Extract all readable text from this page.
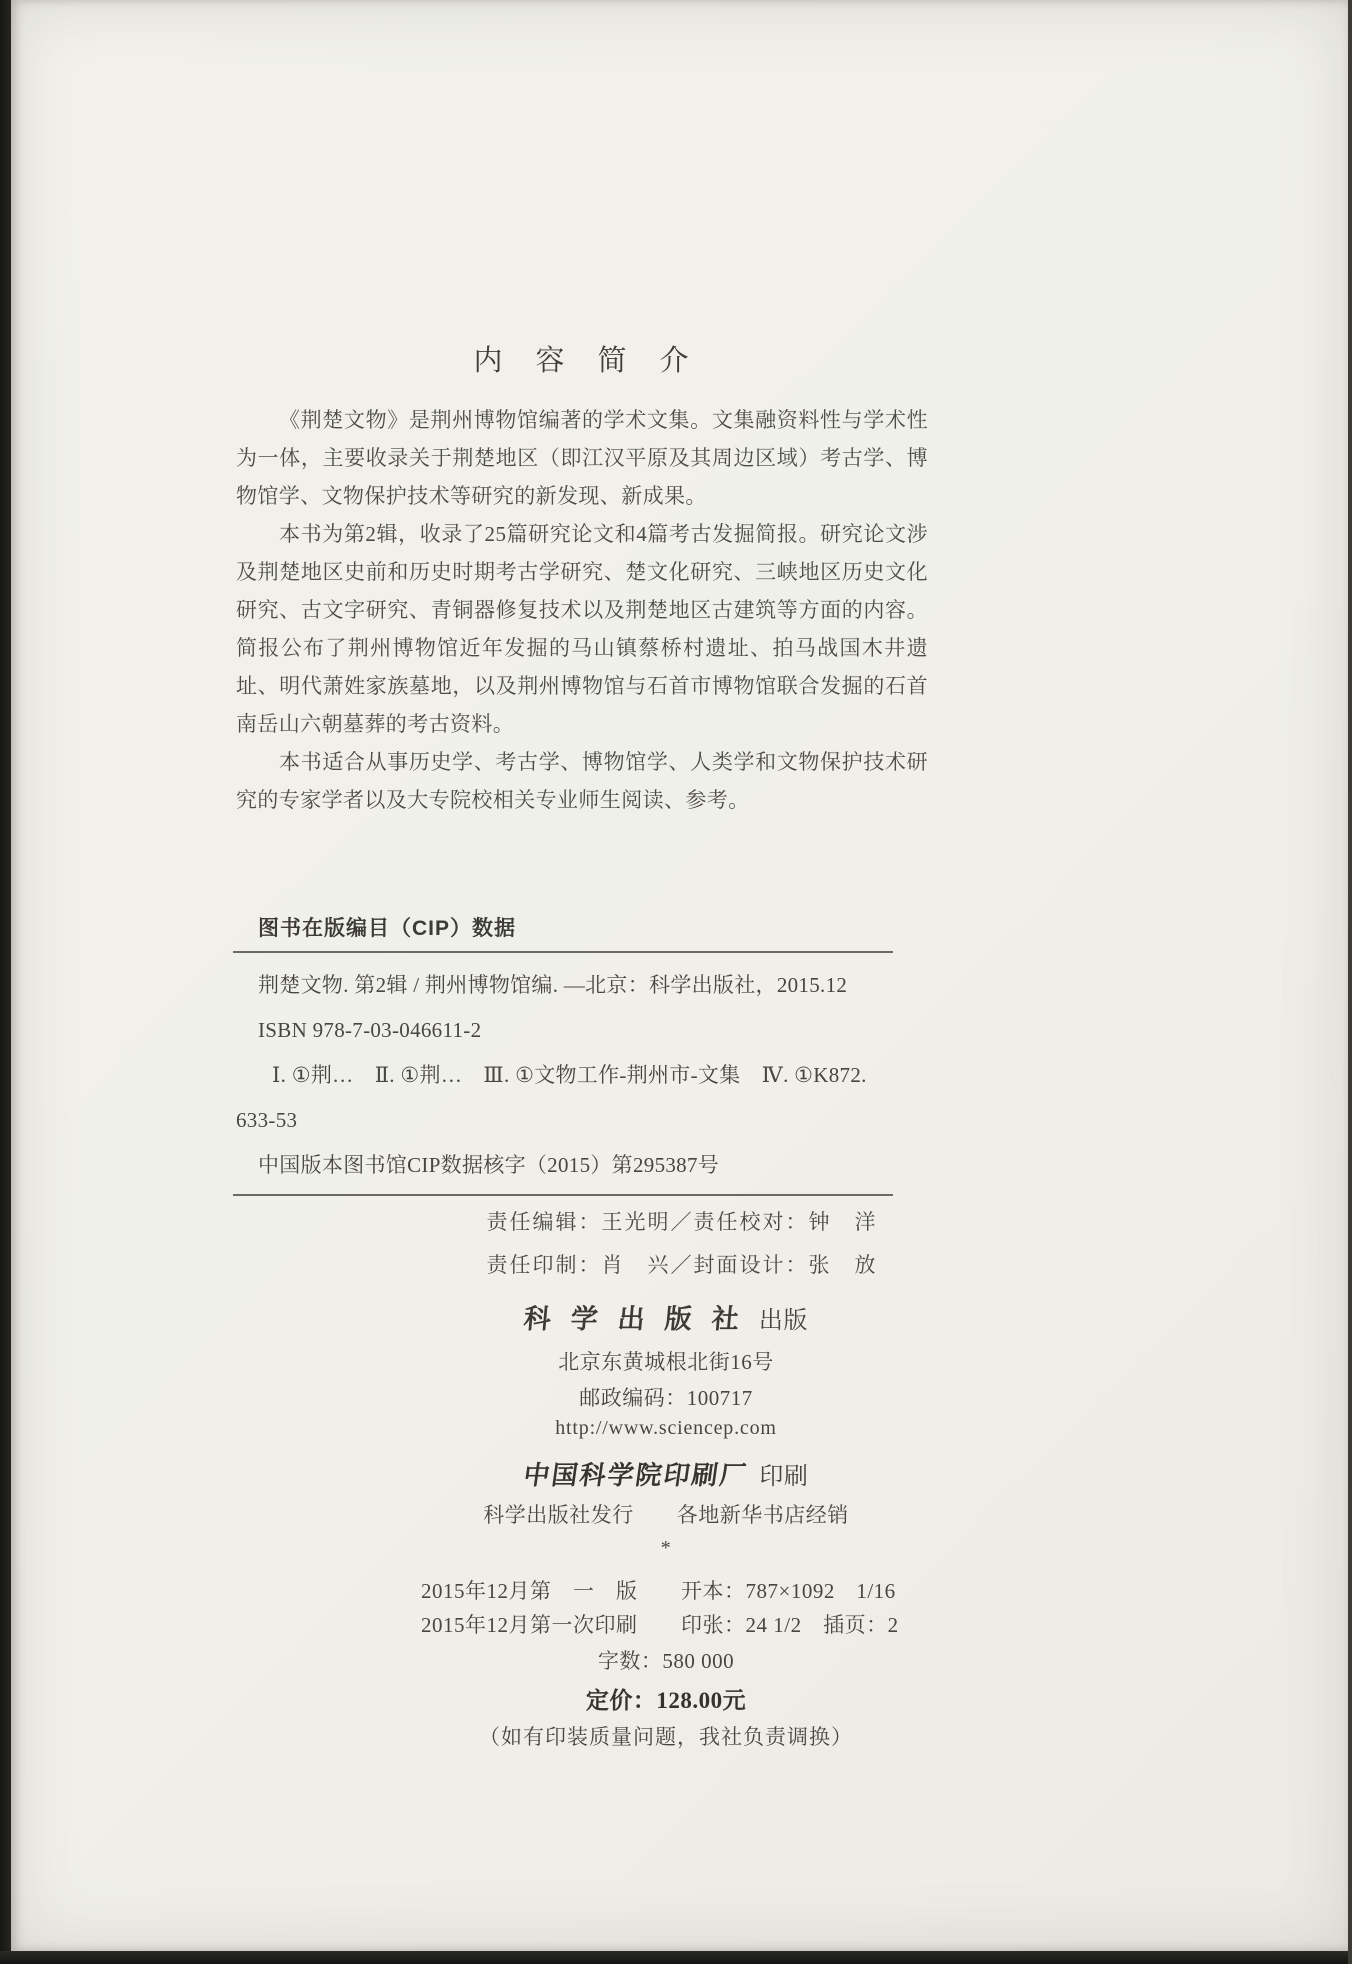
内　容　简　介
《荆楚文物》是荆州博物馆编著的学术文集。文集融资料性与学术性
为一体，主要收录关于荆楚地区（即江汉平原及其周边区域）考古学、博
物馆学、文物保护技术等研究的新发现、新成果。
本书为第2辑，收录了25篇研究论文和4篇考古发掘简报。研究论文涉
及荆楚地区史前和历史时期考古学研究、楚文化研究、三峡地区历史文化
研究、古文字研究、青铜器修复技术以及荆楚地区古建筑等方面的内容。
简报公布了荆州博物馆近年发掘的马山镇蔡桥村遗址、拍马战国木井遗
址、明代萧姓家族墓地，以及荆州博物馆与石首市博物馆联合发掘的石首
南岳山六朝墓葬的考古资料。
本书适合从事历史学、考古学、博物馆学、人类学和文物保护技术研
究的专家学者以及大专院校相关专业师生阅读、参考。
图书在版编目（CIP）数据
荆楚文物. 第2辑 / 荆州博物馆编. —北京：科学出版社，2015.12
ISBN 978-7-03-046611-2
Ⅰ. ①荆…　Ⅱ. ①荆…　Ⅲ. ①文物工作-荆州市-文集　Ⅳ. ①K872.
633-53
中国版本图书馆CIP数据核字（2015）第295387号
责任编辑：王光明／责任校对：钟　洋
责任印制：肖　兴／封面设计：张　放
科学出版社 出版
北京东黄城根北街16号
邮政编码：100717
http://www.sciencep.com
中国科学院印刷厂 印刷
科学出版社发行　　各地新华书店经销
*
2015年12月第　一　版	开本：787×1092　1/16
2015年12月第一次印刷	印张：24 1/2　插页：2
字数：580 000
定价：128.00元
（如有印装质量问题，我社负责调换）
